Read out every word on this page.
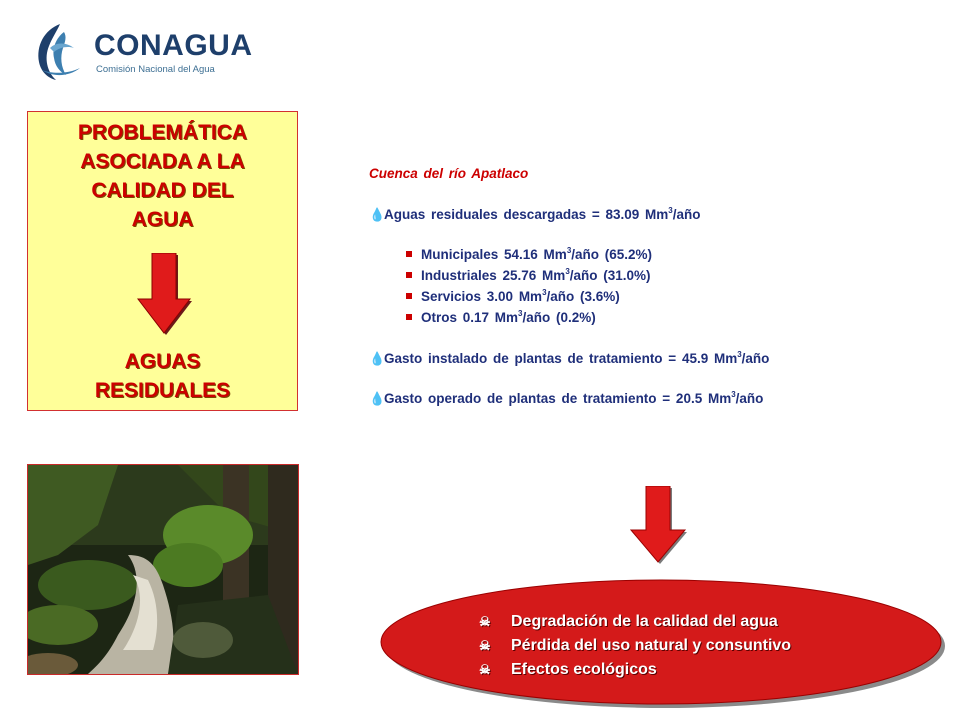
CONAGUA
Comisión Nacional del Agua
PROBLEMÁTICA
ASOCIADA A LA
CALIDAD DEL
AGUA
AGUAS
RESIDUALES
Cuenca del río Apatlaco
💧Aguas residuales descargadas = 83.09 Mm$^3$/año
Municipales 54.16 Mm$^3$/año (65.2%)
Industriales 25.76 Mm$^3$/año (31.0%)
Servicios 3.00 Mm$^3$/año (3.6%)
Otros 0.17 Mm$^3$/año (0.2%)
💧Gasto instalado de plantas de tratamiento = 45.9 Mm$^3$/año
💧Gasto operado de plantas de tratamiento = 20.5 Mm$^3$/año
☠ Degradación de la calidad del agua
☠ Pérdida del uso natural y consuntivo
☠ Efectos ecológicos
